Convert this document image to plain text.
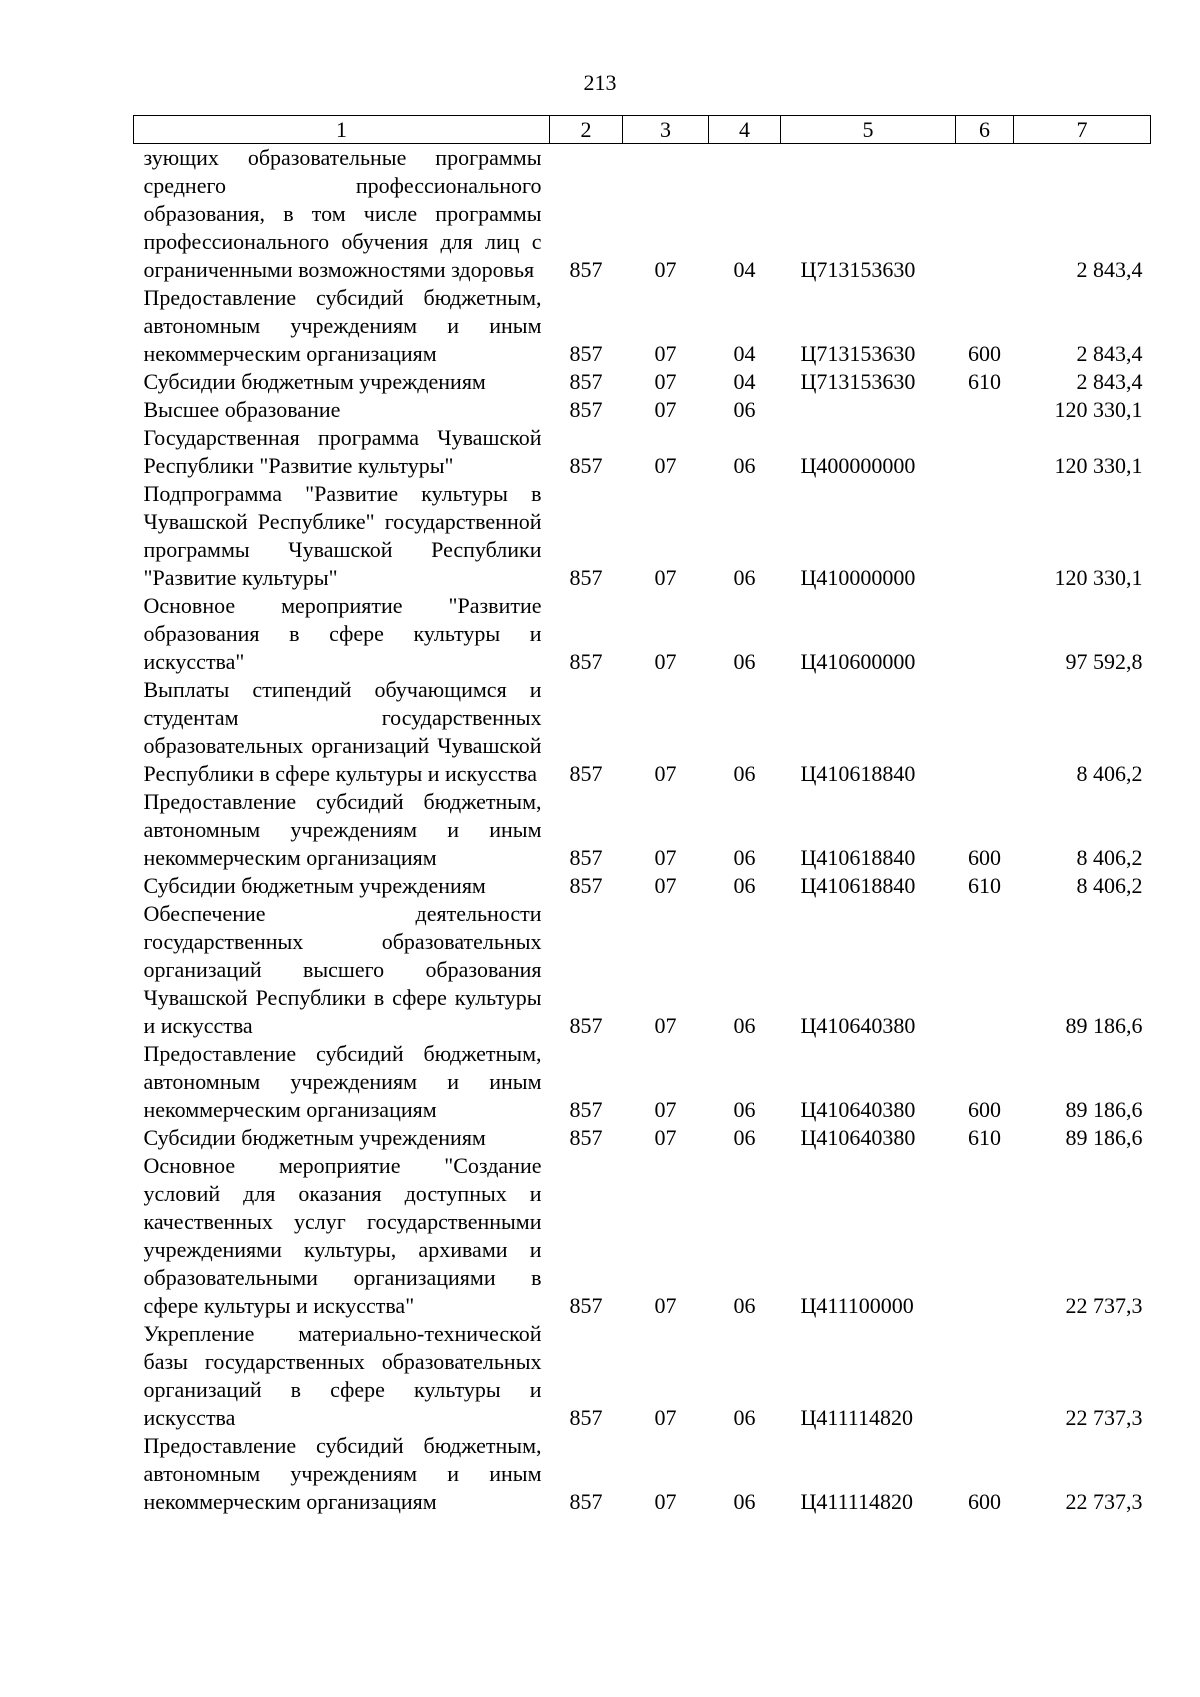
213
1	2	3	4	5	6	7
зующих образовательные программы среднего профессионального образования, в том числе программы профессионального обучения для лиц с ограниченными возможностями здоровья	857	07	04	Ц713153630		2 843,4
Предоставление субсидий бюджетным, автономным учреждениям и иным некоммерческим организациям	857	07	04	Ц713153630	600	2 843,4
Субсидии бюджетным учреждениям	857	07	04	Ц713153630	610	2 843,4
Высшее образование	857	07	06			120 330,1
Государственная программа Чувашской Республики "Развитие культуры"	857	07	06	Ц400000000		120 330,1
Подпрограмма "Развитие культуры в Чувашской Республике" государственной программы Чувашской Республики "Развитие культуры"	857	07	06	Ц410000000		120 330,1
Основное мероприятие "Развитие образования в сфере культуры и искусства"	857	07	06	Ц410600000		97 592,8
Выплаты стипендий обучающимся и студентам государственных образовательных организаций Чувашской Республики в сфере культуры и искусства	857	07	06	Ц410618840		8 406,2
Предоставление субсидий бюджетным, автономным учреждениям и иным некоммерческим организациям	857	07	06	Ц410618840	600	8 406,2
Субсидии бюджетным учреждениям	857	07	06	Ц410618840	610	8 406,2
Обеспечение деятельности государственных образовательных организаций высшего образования Чувашской Республики в сфере культуры и искусства	857	07	06	Ц410640380		89 186,6
Предоставление субсидий бюджетным, автономным учреждениям и иным некоммерческим организациям	857	07	06	Ц410640380	600	89 186,6
Субсидии бюджетным учреждениям	857	07	06	Ц410640380	610	89 186,6
Основное мероприятие "Создание условий для оказания доступных и качественных услуг государственными учреждениями культуры, архивами и образовательными организациями в сфере культуры и искусства"	857	07	06	Ц411100000		22 737,3
Укрепление материально-технической базы государственных образовательных организаций в сфере культуры и искусства	857	07	06	Ц411114820		22 737,3
Предоставление субсидий бюджетным, автономным учреждениям и иным некоммерческим организациям	857	07	06	Ц411114820	600	22 737,3
